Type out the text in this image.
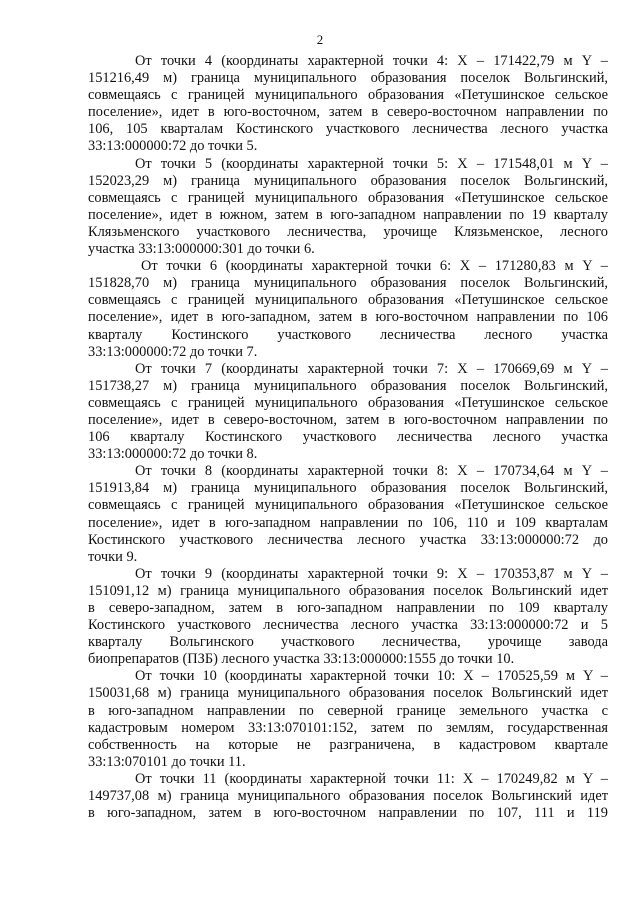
2
От точки 4 (координаты характерной точки 4: X – 171422,79 м Y –
151216,49 м) граница муниципального образования поселок Вольгинский,
совмещаясь с границей муниципального образования «Петушинское сельское
поселение», идет в юго-восточном, затем в северо-восточном направлении по
106, 105 кварталам Костинского участкового лесничества лесного участка
33:13:000000:72 до точки 5.
От точки 5 (координаты характерной точки 5: X – 171548,01 м Y –
152023,29 м) граница муниципального образования поселок Вольгинский,
совмещаясь с границей муниципального образования «Петушинское сельское
поселение», идет в южном, затем в юго-западном направлении по 19 кварталу
Клязьменского участкового лесничества, урочище Клязьменское, лесного
участка 33:13:000000:301 до точки 6.
От точки 6 (координаты характерной точки 6: X – 171280,83 м Y –
151828,70 м) граница муниципального образования поселок Вольгинский,
совмещаясь с границей муниципального образования «Петушинское сельское
поселение», идет в юго-западном, затем в юго-восточном направлении по 106
кварталу Костинского участкового лесничества лесного участка
33:13:000000:72 до точки 7.
От точки 7 (координаты характерной точки 7: X – 170669,69 м Y –
151738,27 м) граница муниципального образования поселок Вольгинский,
совмещаясь с границей муниципального образования «Петушинское сельское
поселение», идет в северо-восточном, затем в юго-восточном направлении по
106 кварталу Костинского участкового лесничества лесного участка
33:13:000000:72 до точки 8.
От точки 8 (координаты характерной точки 8: X – 170734,64 м Y –
151913,84 м) граница муниципального образования поселок Вольгинский,
совмещаясь с границей муниципального образования «Петушинское сельское
поселение», идет в юго-западном направлении по 106, 110 и 109 кварталам
Костинского участкового лесничества лесного участка 33:13:000000:72 до
точки 9.
От точки 9 (координаты характерной точки 9: X – 170353,87 м Y –
151091,12 м) граница муниципального образования поселок Вольгинский идет
в северо-западном, затем в юго-западном направлении по 109 кварталу
Костинского участкового лесничества лесного участка 33:13:000000:72 и 5
кварталу Вольгинского участкового лесничества, урочище завода
биопрепаратов (ПЗБ) лесного участка 33:13:000000:1555 до точки 10.
От точки 10 (координаты характерной точки 10: X – 170525,59 м Y –
150031,68 м) граница муниципального образования поселок Вольгинский идет
в юго-западном направлении по северной границе земельного участка с
кадастровым номером 33:13:070101:152, затем по землям, государственная
собственность на которые не разграничена, в кадастровом квартале
33:13:070101 до точки 11.
От точки 11 (координаты характерной точки 11: X – 170249,82 м Y –
149737,08 м) граница муниципального образования поселок Вольгинский идет
в юго-западном, затем в юго-восточном направлении по 107, 111 и 119
